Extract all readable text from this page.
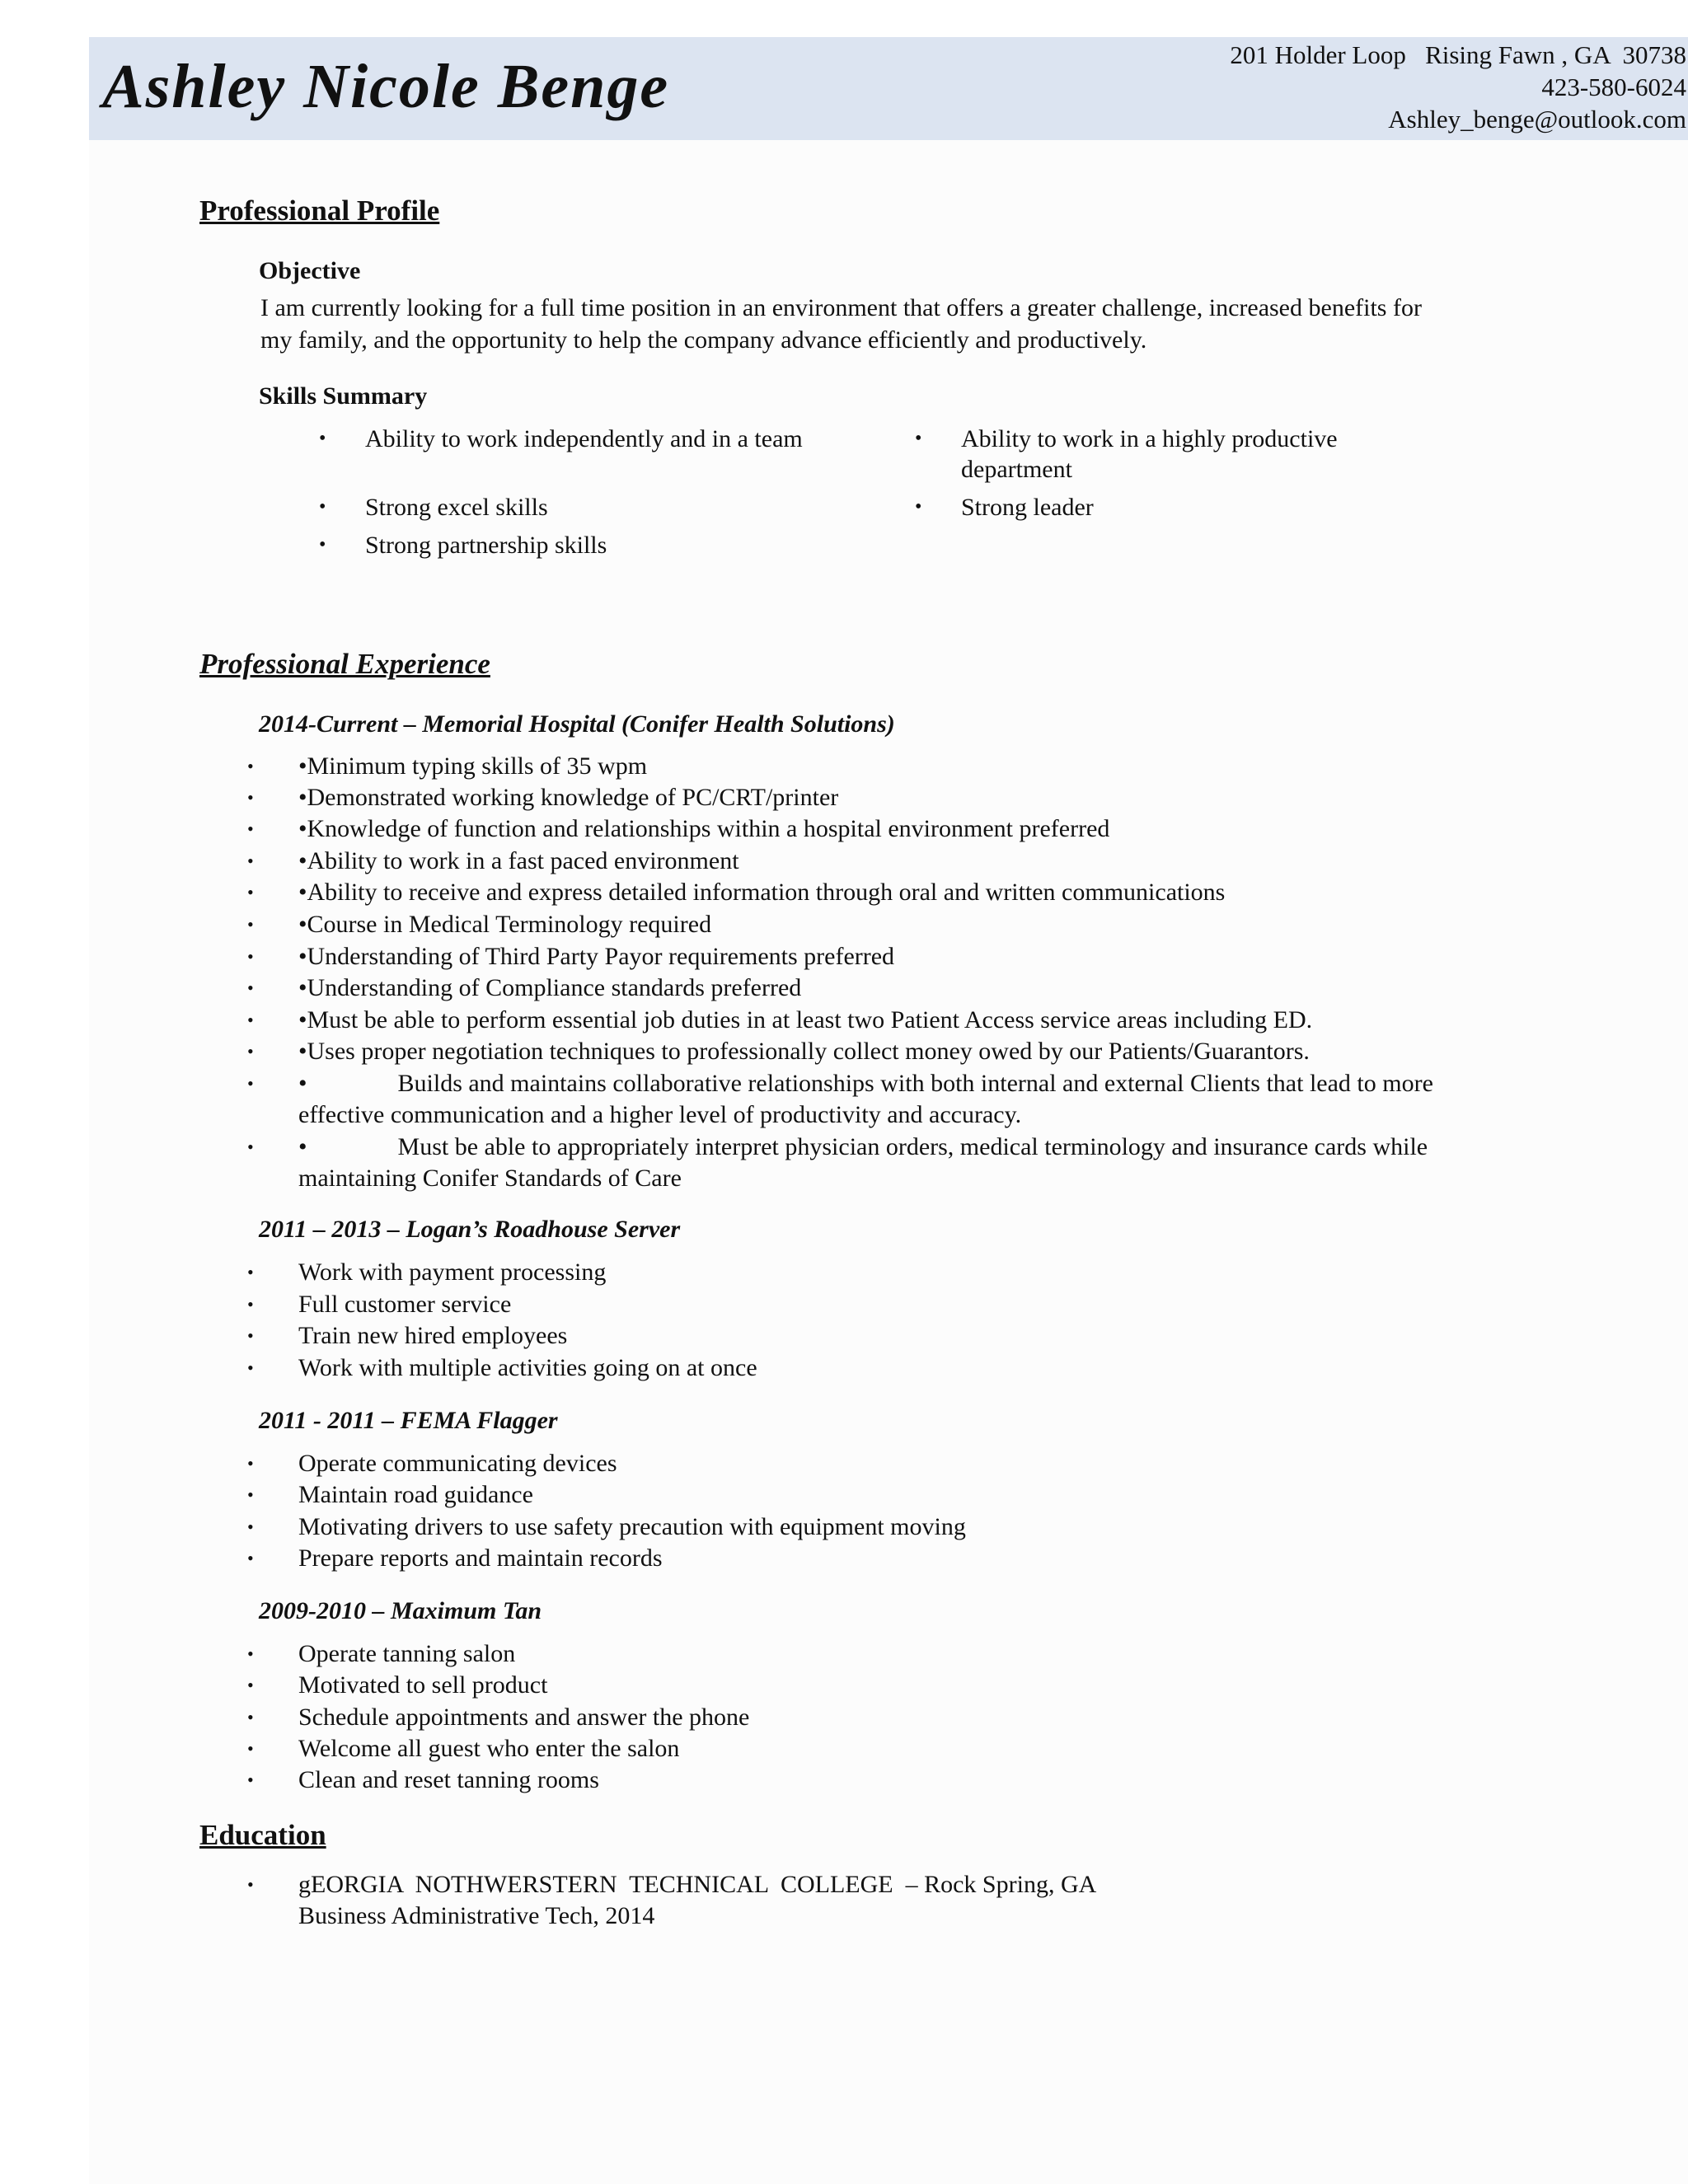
Ashley Nicole Benge	201 Holder Loop   Rising Fawn , GA  30738
423-580-6024
Ashley_benge@outlook.com
Professional Profile
Objective
I am currently looking for a full time position in an environment that offers a greater challenge, increased benefits for my family, and the opportunity to help the company advance efficiently and productively.
Skills Summary
• Ability to work independently and in a team
• Strong excel skills
• Strong partnership skills
• Ability to work in a highly productive department
• Strong leader
Professional Experience
2014-Current – Memorial Hospital (Conifer Health Solutions)
• •Minimum typing skills of 35 wpm
• •Demonstrated working knowledge of PC/CRT/printer
• •Knowledge of function and relationships within a hospital environment preferred
• •Ability to work in a fast paced environment
• •Ability to receive and express detailed information through oral and written communications
• •Course in Medical Terminology required
• •Understanding of Third Party Payor requirements preferred
• •Understanding of Compliance standards preferred
• •Must be able to perform essential job duties in at least two Patient Access service areas including ED.
• •Uses proper negotiation techniques to professionally collect money owed by our Patients/Guarantors.
• •	Builds and maintains collaborative relationships with both internal and external Clients that lead to more effective communication and a higher level of productivity and accuracy.
• •	Must be able to appropriately interpret physician orders, medical terminology and insurance cards while maintaining Conifer Standards of Care
2011 – 2013 – Logan’s Roadhouse Server
• Work with payment processing
• Full customer service
• Train new hired employees
• Work with multiple activities going on at once
2011 - 2011 – FEMA Flagger
• Operate communicating devices
• Maintain road guidance
• Motivating drivers to use safety precaution with equipment moving
• Prepare reports and maintain records
2009-2010 – Maximum Tan
• Operate tanning salon
• Motivated to sell product
• Schedule appointments and answer the phone
• Welcome all guest who enter the salon
• Clean and reset tanning rooms
Education
• gEORGIA  NOTHWERSTERN  TECHNICAL  COLLEGE  – Rock Spring, GA
Business Administrative Tech, 2014
